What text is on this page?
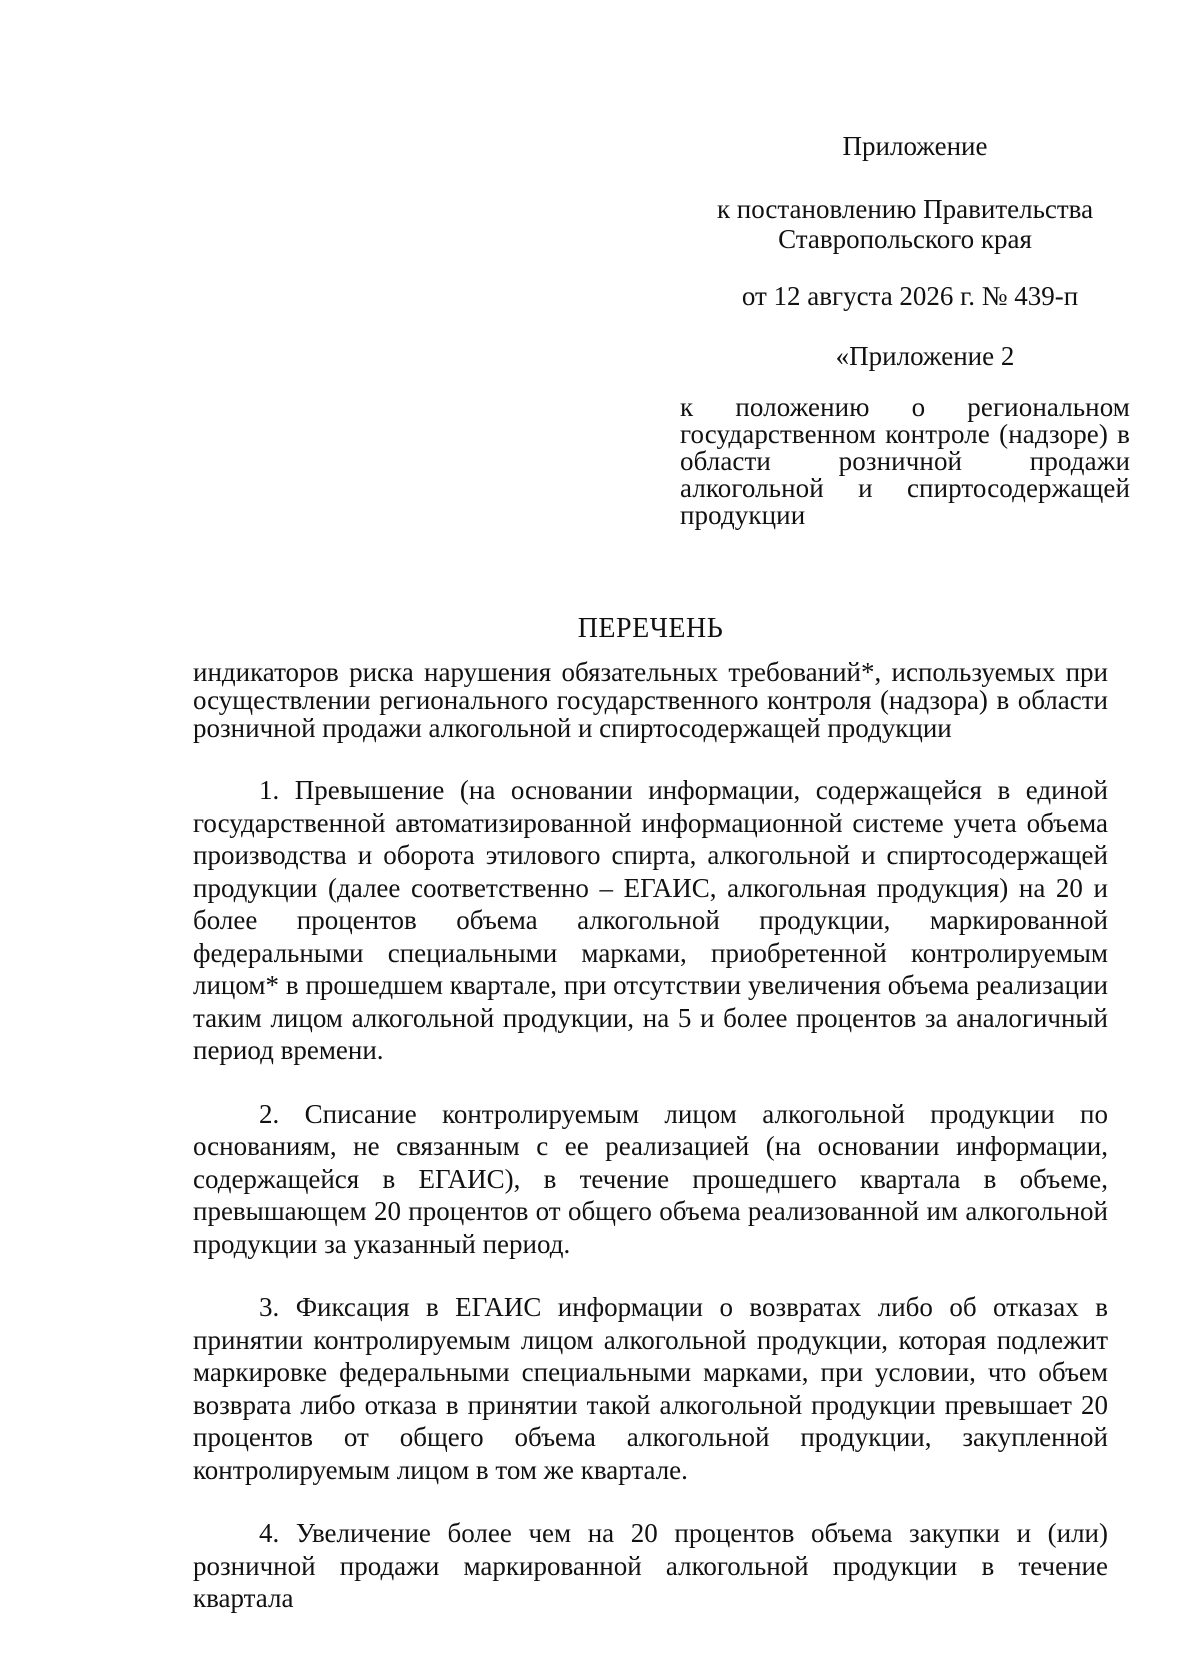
Приложение

к постановлению Правительства Ставропольского края

от 12 августа 2026 г. № 439-п

«Приложение 2

к положению о региональном государственном контроле (надзоре) в области розничной продажи алкогольной и спиртосодержащей продукции

ПЕРЕЧЕНЬ

индикаторов риска нарушения обязательных требований*, используемых при осуществлении регионального государственного контроля (надзора) в области розничной продажи алкогольной и спиртосодержащей продукции

1. Превышение (на основании информации, содержащейся в единой государственной автоматизированной информационной системе учета объема производства и оборота этилового спирта, алкогольной и спиртосодержащей продукции (далее соответственно – ЕГАИС, алкогольная продукция) на 20 и более процентов объема алкогольной продукции, маркированной федеральными специальными марками, приобретенной контролируемым лицом* в прошедшем квартале, при отсутствии увеличения объема реализации таким лицом алкогольной продукции, на 5 и более процентов за аналогичный период времени.

2. Списание контролируемым лицом алкогольной продукции по основаниям, не связанным с ее реализацией (на основании информации, содержащейся в ЕГАИС), в течение прошедшего квартала в объеме, превышающем 20 процентов от общего объема реализованной им алкогольной продукции за указанный период.

3. Фиксация в ЕГАИС информации о возвратах либо об отказах в принятии контролируемым лицом алкогольной продукции, которая подлежит маркировке федеральными специальными марками, при условии, что объем возврата либо отказа в принятии такой алкогольной продукции превышает 20 процентов от общего объема алкогольной продукции, закупленной контролируемым лицом в том же квартале.

4. Увеличение более чем на 20 процентов объема закупки и (или) розничной продажи маркированной алкогольной продукции в течение квартала
